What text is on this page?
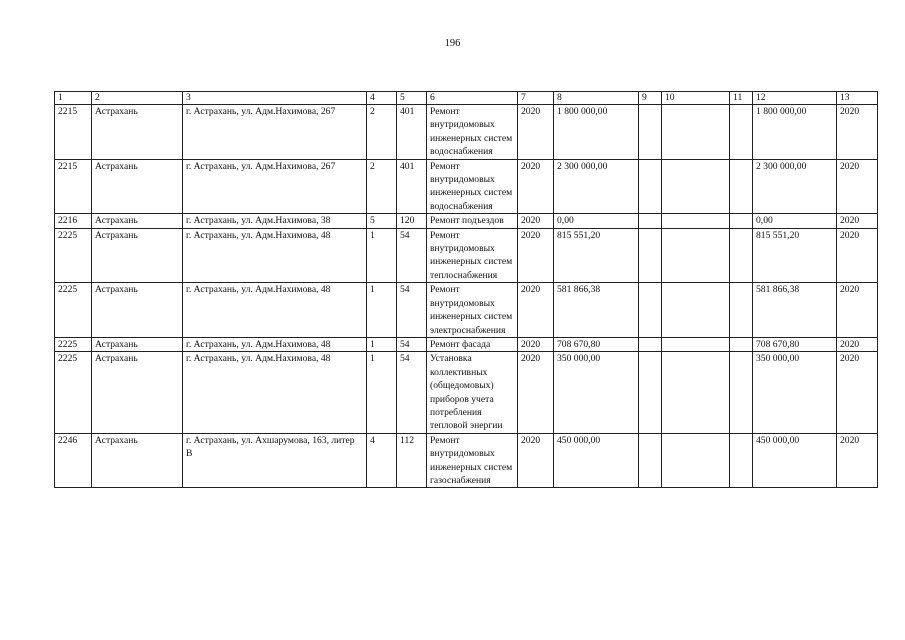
196
1	2	3	4	5	6	7	8	9	10	11	12	13
2215	Астрахань	г. Астрахань, ул. Адм.Нахимова, 267	2	401	Ремонт внутридомовых инженерных систем водоснабжения	2020	1 800 000,00				1 800 000,00	2020
2215	Астрахань	г. Астрахань, ул. Адм.Нахимова, 267	2	401	Ремонт внутридомовых инженерных систем водоснабжения	2020	2 300 000,00				2 300 000,00	2020
2216	Астрахань	г. Астрахань, ул. Адм.Нахимова, 38	5	120	Ремонт подъездов	2020	0,00				0,00	2020
2225	Астрахань	г. Астрахань, ул. Адм.Нахимова, 48	1	54	Ремонт внутридомовых инженерных систем теплоснабжения	2020	815 551,20				815 551,20	2020
2225	Астрахань	г. Астрахань, ул. Адм.Нахимова, 48	1	54	Ремонт внутридомовых инженерных систем электроснабжения	2020	581 866,38				581 866,38	2020
2225	Астрахань	г. Астрахань, ул. Адм.Нахимова, 48	1	54	Ремонт фасада	2020	708 670,80				708 670,80	2020
2225	Астрахань	г. Астрахань, ул. Адм.Нахимова, 48	1	54	Установка коллективных (общедомовых) приборов учета потребления тепловой энергии	2020	350 000,00				350 000,00	2020
2246	Астрахань	г. Астрахань, ул. Ахшарумова, 163, литер В	4	112	Ремонт внутридомовых инженерных систем газоснабжения	2020	450 000,00				450 000,00	2020
